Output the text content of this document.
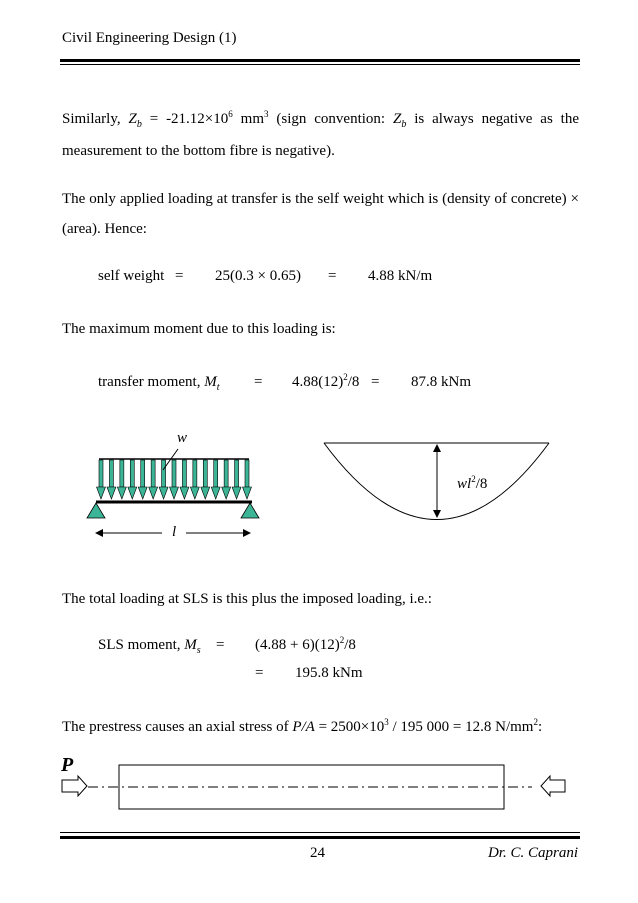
Civil Engineering Design (1)
Similarly, $Z_b = -21.12\times 10^6$ $mm^3$ (sign convention: $Z_b$ is always negative as the
measurement to the bottom fibre is negative).
The only applied loading at transfer is the self weight which is (density of concrete) ×
(area). Hence:
self weight = 25(0.3 × 0.65) = 4.88 kN/m
The maximum moment due to this loading is:
transfer moment, $M_t = 4.88(12)^2/8 = 87.8$ kNm
w
l
$wl^2/8$
The total loading at SLS is this plus the imposed loading, i.e.:
SLS moment, $M_s = (4.88 + 6)(12)^2/8$
= 195.8 kNm
The prestress causes an axial stress of $P/A = 2500\times 10^3 / 195$ 000 = 12.8 $N/mm^2$:
P
24	Dr. C. Caprani
